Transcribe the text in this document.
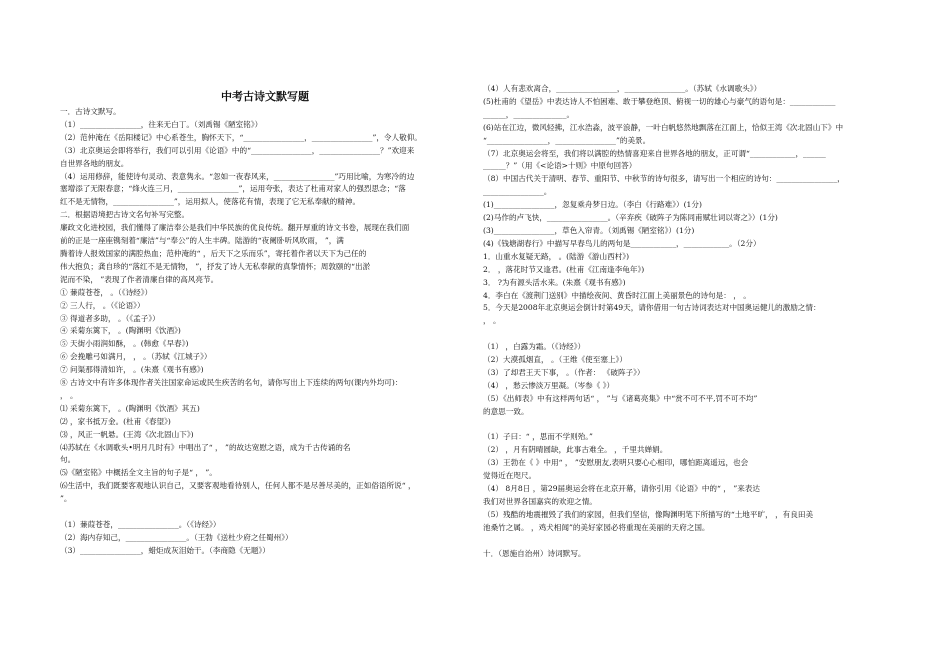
中考古诗文默写题
一．古诗文默写。
（1）________________，往来无白丁。（刘禹锡《陋室铭》）
（2）范仲淹在《岳阳楼记》中心系苍生，胸怀天下，“________________，________________”，令人敬仰。
（3）北京奥运会即将举行，我们可以引用《论语》中的“________________，________________？”欢迎来
自世界各地的朋友。
（4）运用修辞，能使诗句灵动、表意隽永。“忽如一夜春风来，________________”巧用比喻，为寒冷的边
塞增添了无限春意；“烽火连三月，________________”，运用夸张，表达了杜甫对家人的强烈思念；“落
红不是无情物，________________”，运用拟人，使落花有情，表现了它无私奉献的精神。
二．根据语境把古诗文名句补写完整。
廉政文化进校园，我们懂得了廉洁奉公是我们中华民族的优良传统。翻开厚重的诗文书卷，展现在我们面
前的正是一座座镌刻着“廉洁”与“奉公”的人生丰碑。陆游的“夜阑卧听风吹雨， ”，满
腾着诗人报效国家的满腔热血；范仲淹的“ ，后天下之乐而乐”，寄托着作者以天下为己任的
伟大抱负；龚自珍的“落红不是无情物， ”，抒发了诗人无私奉献的真挚情怀；周敦颐的“出淤
泥而不染， ”表现了作者清廉自律的高风亮节。
① 蒹葭苍苍， 。（《诗经》）
② 三人行， 。（《论语》）
③ 得道者多助， 。（《孟子》）
④ 采菊东篱下， 。(陶渊明《饮酒》)
⑤ 天街小雨润如酥， 。(韩愈《早春》)
⑥ 会挽雕弓如满月， ， 。（苏轼《江城子》）
⑦ 问渠那得清如许， 。(朱熹《观书有感》)
⑧ 古诗文中有许多体现作者关注国家命运或民生疾苦的名句，请你写出上下连续的两句(课内外均可)：
， 。
⑴ 采菊东篱下， 。(陶渊明《饮酒》其五)
⑵ ，家书抵万金。(杜甫《春望》)
⑶ ，风正一帆悬。(王湾《次北固山下》)
⑷苏轼在《水调歌头•明月几时有》中唱出了“ ， ”的故达宽慰之语，成为千古传诵的名
句。
⑸《陋室铭》中概括全文主旨的句子是“ ， ”。
⑹生活中，我们既要客观地认识自己，又要客观地看待别人，任何人都不是尽善尽美的，正如俗语所说“ ，
”。

（1）蒹葭苍苍，________________。（《诗经》）
（2）海内存知己，________________。（王勃《送杜少府之任蜀州》）
（3）________________，蜡炬成灰泪始干。（李商隐《无题》）
（4）人有悲欢离合，________________，________________。（苏轼《水调歌头》）
(5)杜甫的《望岳》中表达诗人不怕困难、敢于攀登绝顶、俯视一切的雄心与豪气的语句是：____________
______，______________。
(6)站在江边，微风轻拂，江水浩淼，波平浪静，一叶白帆悠然地飘落在江面上，恰似王湾《次北固山下》中
“________________，________________”的美景。
（7）北京奥运会将至，我们将以满腔的热情喜迎来自世界各地的朋友，正可谓“____________，______
______？”（用《<论语>十则》中原句回答）
（8）中国古代关于清明、春节、重阳节、中秋节的诗句很多，请写出一个相应的诗句：________________，
________________。
(1)________________，忽复乘舟梦日边。（李白《行路难》）(1分)
(2)马作的卢飞快，________________。（辛弃疾《破阵子为陈同甫赋壮词以寄之》）(1分)
(3)________________，草色入帘青。（刘禹锡《陋室铭》）(1分)
(4)《钱塘湖春行》中描写早春鸟儿的两句是____________，____________。（2分）
1．山重水复疑无路， 。(陆游《游山西村》)
2． ，落花时节又逢君。(杜甫《江南逢李龟年》)
3． ?为有源头活水来。(朱熹《观书有感》)
4．李白在《渡荆门送别》中描绘夜间、黄昏时江面上美丽景色的诗句是： ， 。
5．今天是2008年北京奥运会倒计时第49天，请你借用一句古诗词表达对中国奥运健儿的激励之情：
， 。

（1） ，白露为霜。（《诗经》）
（2）大漠孤烟直， 。（王维《使至塞上》）
（3）了却君王天下事， 。（作者： 《破阵子》）
（4） ，愁云惨淡万里凝。（岑参《 》）
（5）《出师表》中有这样两句话“ ， ”与《诸葛亮集》中“赏不可不平,罚不可不均”
的意思一致。

（1）子曰：“ ，思而不学则殆。”
（2） ，月有阴晴圆缺，此事古难全。 ，千里共婵娟。
（3）王勃在《 》中用“ ， ”安慰朋友,表明只要心心相印，哪怕距离遥远，也会
觉得近在咫尺。
（4） 8月8日 ，第29届奥运会将在北京开幕，请你引用《论语》中的“ ， ”来表达
我们对世界各国嘉宾的欢迎之情。
（5）残酷的地震摧毁了我们的家园，但我们坚信，像陶渊明笔下所描写的“土地平旷， ，有良田美
池桑竹之属。 ，鸡犬相闻”的美好家园必将重现在美丽的天府之国。

十．（恩施自治州）诗词默写。
